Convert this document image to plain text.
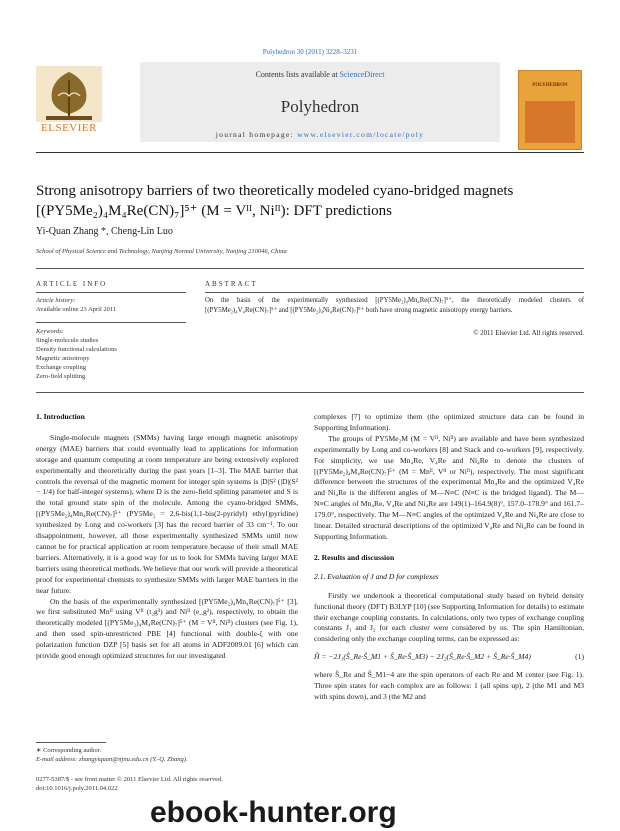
Polyhedron 30 (2011) 3228–3231
ELSEVIER
Contents lists available at ScienceDirect
Polyhedron
journal homepage: www.elsevier.com/locate/poly
POLYHEDRON
Strong anisotropy barriers of two theoretically modeled cyano-bridged magnets
[(PY5Me₂)₄M₄Re(CN)₇]⁵⁺ (M = Vᴵᴵ, Niᴵᴵ): DFT predictions
Yi-Quan Zhang *, Cheng-Lin Luo
School of Physical Science and Technology, Nanjing Normal University, Nanjing 210046, China
ARTICLE INFO	ABSTRACT
Article history:
Available online 23 April 2011
Keywords:
Single-molecule studies
Density functional calculations
Magnetic anisotropy
Exchange coupling
Zero-field splitting
On the basis of the experimentally synthesized [(PY5Me₂)₄Mn₄Re(CN)₇]⁵⁺, the theoretically modeled clusters of [(PY5Me₂)₄V₄Re(CN)₇]⁵⁺ and [(PY5Me₂)₄Ni₄Re(CN)₇]⁵⁺ both have strong magnetic anisotropy energy barriers.
© 2011 Elsevier Ltd. All rights reserved.
1. Introduction

Single-molecule magnets (SMMs) having large enough magnetic anisotropy energy (MAE) barriers that could eventually lead to applications for information storage and quantum computing at room temperature are being extensively explored experimentally and theoretically during the past years [1–3]. The MAE barrier that controls the reversal of the magnetic moment for integer spin systems is |D|S² (|D|(S² − 1/4) for half-integer systems), where D is the zero-field splitting parameter and S is the total ground state spin of the molecule. Among the cyano-bridged SMMs, [(PY5Me₂)₄Mn₄Re(CN)₇]⁵⁺ (PY5Me₂ = 2,6-bis(1,1-bis(2-pyridyl) ethyl)pyridine) synthesized by Long and co-workers [3] has the record barrier of 33 cm⁻¹. To our disappointment, however, all those experimentally synthesized SMMs until now cannot be for practical application at room temperature because of their small MAE barriers. Alternatively, it is a good way for us to look for SMMs having larger MAE barriers using theoretical methods. We believe that our work will provide a theoretical proof for experimental chemists to synthesize SMMs with larger MAE barriers in the near future.

On the basis of the experimentally synthesized [(PY5Me₂)₄Mn₄Re(CN)₇]⁵⁺ [3], we first substituted Mnᴵᴵ using Vᴵᴵ (t₂g³) and Niᴵᴵ (e_g²), respectively, to obtain the theoretically modeled [(PY5Me₂)₄M₄Re(CN)₇]⁵⁺ (M = Vᴵᴵ, Niᴵᴵ) clusters (see Fig. 1), and then used spin-unrestricted PBE [4] functional with double-ζ with one polarization function DZP [5] basis set for all atoms in ADF2009.01 [6] which can provide good enough optimized structures for our investigated

∗ Corresponding author.
E-mail address: zhangyiquan@njnu.edu.cn (Y.-Q. Zhang).
0277-5387/$ - see front matter © 2011 Elsevier Ltd. All rights reserved.
doi:10.1016/j.poly.2011.04.022
complexes [7] to optimize them (the optimized structure data can be found in Supporting Information).

The groups of PY5Me₂M (M = Vᴵᴵ, Niᴵᴵ) are available and have been synthesized experimentally by Long and co-workers [8] and Stack and co-workers [9], respectively. For simplicity, we use Mn₄Re, V₄Re and Ni₄Re to denote the clusters of [(PY5Me₂)₄M₄Re(CN)₇]⁵⁺ (M = Mnᴵᴵ, Vᴵᴵ or Niᴵᴵ), respectively. The most significant difference between the structures of the experimental Mn₄Re and the optimized V₄Re and Ni₄Re is the different angles of M—N≡C (N≡C is the bridged ligand). The M—N≡C angles of Mn₄Re, V₄Re and Ni₄Re are 149(1)–164.9(8)°, 157.0–178.9° and 161.7–179.0°, respectively. The M—N≡C angles of the optimized V₄Re and Ni₄Re are close to linear. Detailed structural descriptions of the optimized V₄Re and Ni₄Re can be found in Supporting Information.

2. Results and discussion
2.1. Evaluation of J and D for complexes

Firstly we undertook a theoretical computational study based on hybrid density functional theory (DFT) B3LYP [10] (see Supporting Information for details) to estimate their exchange coupling constants. In calculations, only two types of exchange coupling constants J₁ and J₂ for each cluster were considered by us. The spin Hamiltonian, considering only the exchange coupling terms, can be expressed as:

Ĥ = −2J₁(Ŝ_Re·Ŝ_M1 + Ŝ_Re·Ŝ_M3) − 2J₂(Ŝ_Re·Ŝ_M2 + Ŝ_Re·Ŝ_M4)	(1)
where Ŝ_Re and Ŝ_M1−4 are the spin operators of each Re and M center (see Fig. 1). Three spin states for each complex are as follows: 1 (all spins up), 2 (the M1 and M3 with spins down), and 3 (the M2 and
ebook-hunter.org
